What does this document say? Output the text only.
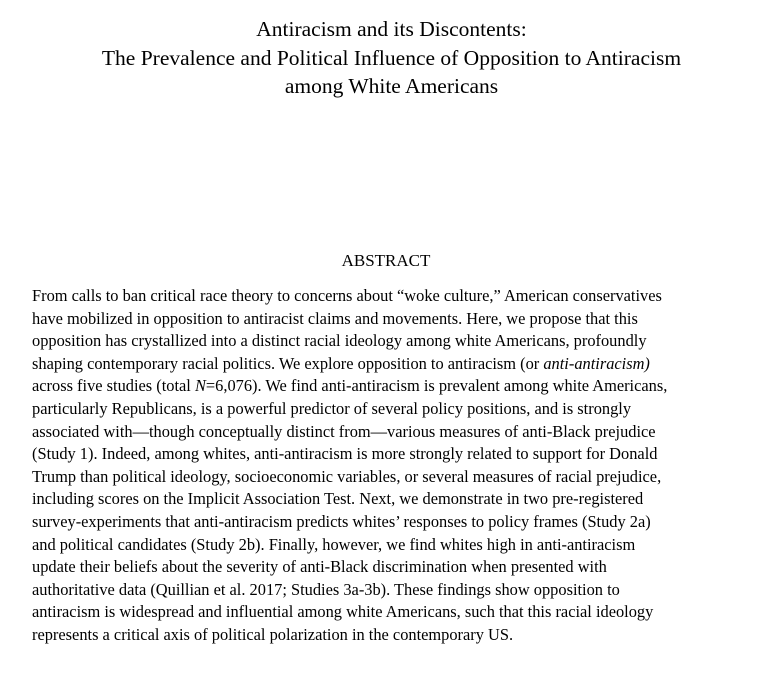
Antiracism and its Discontents:
The Prevalence and Political Influence of Opposition to Antiracism
among White Americans
ABSTRACT
From calls to ban critical race theory to concerns about “woke culture,” American conservatives
have mobilized in opposition to antiracist claims and movements. Here, we propose that this
opposition has crystallized into a distinct racial ideology among white Americans, profoundly
shaping contemporary racial politics. We explore opposition to antiracism (or anti-antiracism)
across five studies (total N=6,076). We find anti-antiracism is prevalent among white Americans,
particularly Republicans, is a powerful predictor of several policy positions, and is strongly
associated with—though conceptually distinct from—various measures of anti-Black prejudice
(Study 1). Indeed, among whites, anti-antiracism is more strongly related to support for Donald
Trump than political ideology, socioeconomic variables, or several measures of racial prejudice,
including scores on the Implicit Association Test. Next, we demonstrate in two pre-registered
survey-experiments that anti-antiracism predicts whites’ responses to policy frames (Study 2a)
and political candidates (Study 2b). Finally, however, we find whites high in anti-antiracism
update their beliefs about the severity of anti-Black discrimination when presented with
authoritative data (Quillian et al. 2017; Studies 3a-3b). These findings show opposition to
antiracism is widespread and influential among white Americans, such that this racial ideology
represents a critical axis of political polarization in the contemporary US.
